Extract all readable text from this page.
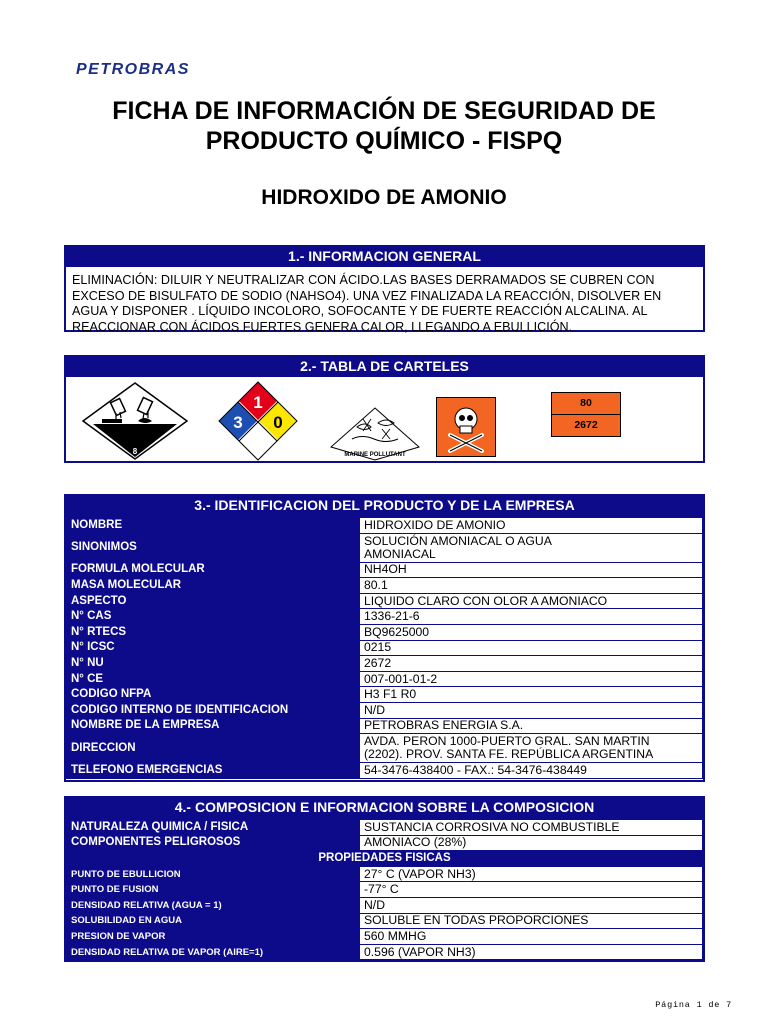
PETROBRAS
FICHA DE INFORMACIÓN DE SEGURIDAD DE
PRODUCTO QUÍMICO - FISPQ
HIDROXIDO DE AMONIO
1.- INFORMACION GENERAL
ELIMINACIÓN: DILUIR Y NEUTRALIZAR CON ÁCIDO.LAS BASES DERRAMADOS SE CUBREN CON
EXCESO DE BISULFATO DE SODIO (NAHSO4). UNA VEZ FINALIZADA LA REACCIÓN, DISOLVER EN
AGUA Y DISPONER . LÍQUIDO INCOLORO, SOFOCANTE Y DE FUERTE REACCIÓN ALCALINA. AL
REACCIONAR CON ÁCIDOS FUERTES GENERA CALOR, LLEGANDO A EBULLICIÓN.
2.- TABLA DE CARTELES
8
1
3 0
MARINE POLLUTANT
80
2672
3.- IDENTIFICACION DEL PRODUCTO Y DE LA EMPRESA
NOMBRE	HIDROXIDO DE AMONIO
SINONIMOS	SOLUCIÓN AMONIACAL O AGUA
AMONIACAL

FORMULA MOLECULAR	NH4OH
MASA MOLECULAR	80.1
ASPECTO	LIQUIDO CLARO CON OLOR A AMONIACO
N° CAS	1336-21-6
N° RTECS	BQ9625000
N° ICSC	0215
N° NU	2672
N° CE	007-001-01-2
CODIGO NFPA	H3 F1 R0
CODIGO INTERNO DE IDENTIFICACION	N/D
NOMBRE DE LA EMPRESA	PETROBRAS ENERGIA S.A.
DIRECCION	AVDA. PERON 1000-PUERTO GRAL. SAN MARTIN
(2202). PROV. SANTA FE. REPÚBLICA ARGENTINA

TELEFONO EMERGENCIAS	54-3476-438400 - FAX.: 54-3476-438449
4.- COMPOSICION E INFORMACION SOBRE LA COMPOSICION
NATURALEZA QUIMICA / FISICA	SUSTANCIA CORROSIVA NO COMBUSTIBLE
COMPONENTES PELIGROSOS	AMONIACO (28%)
PROPIEDADES FISICAS	
PUNTO DE EBULLICION	27° C (VAPOR NH3)
PUNTO DE FUSION	-77° C
DENSIDAD RELATIVA (AGUA = 1)	N/D
SOLUBILIDAD EN AGUA	SOLUBLE EN TODAS PROPORCIONES
PRESION DE VAPOR	560 MMHG
DENSIDAD RELATIVA DE VAPOR (AIRE=1)	0.596 (VAPOR NH3)
Página 1 de 7
